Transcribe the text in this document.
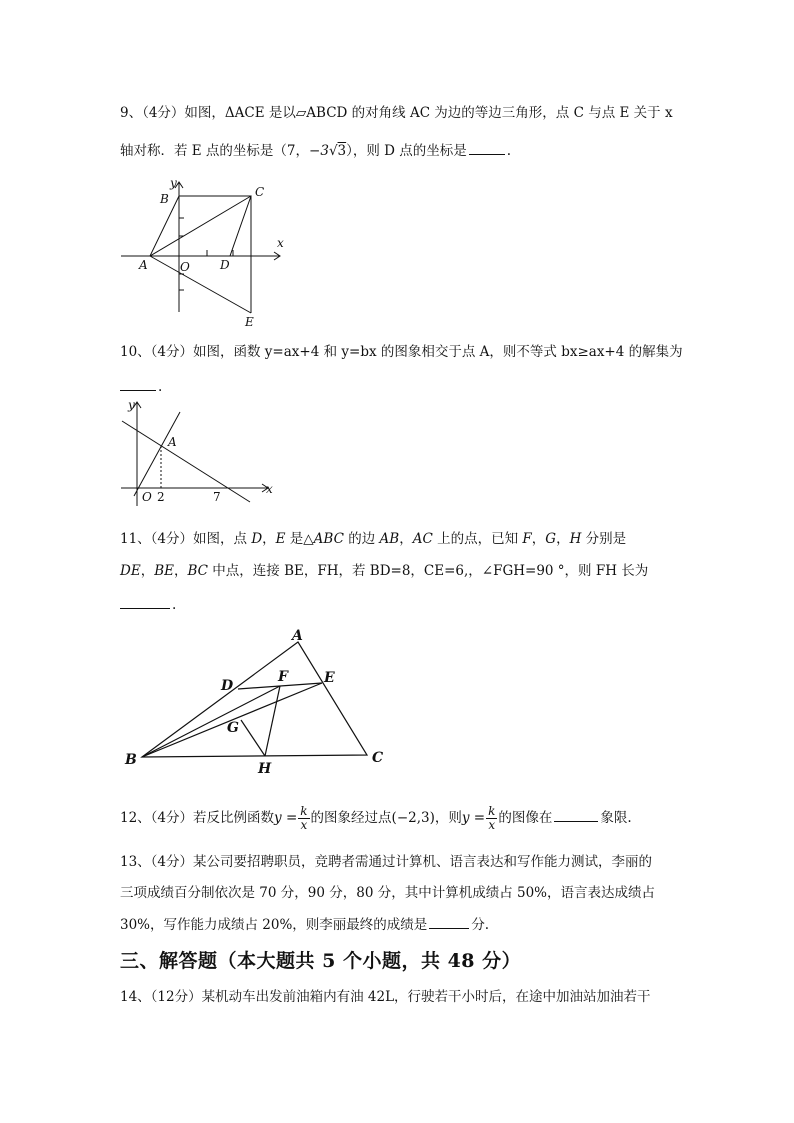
9、（4分）如图，ΔACE 是以▱ABCD 的对角线 AC 为边的等边三角形，点 C 与点 E 关于 x
轴对称．若 E 点的坐标是（7，−3√3），则 D 点的坐标是	.
y
B	C
x
A	O	D
E
10、（4分）如图，函数 y=ax+4 和 y=bx 的图象相交于点 A，则不等式 bx≥ax+4 的解集为
.
y
A
O 2	7
x
11、（4分）如图，点 D，E 是△ABC 的边 AB，AC 上的点，已知 F，G，H 分别是
DE，BE，BC 中点，连接 BE，FH，若 BD=8，CE=6,，∠FGH=90 °，则 FH 长为
.
A
D
F	E
G
B
H
C
12、（4分）若反比例函数$y = \frac{k}{x}$ 的图象经过点(−2,3)，则$y = \frac{k}{x}$ 的图像在	象限.
13、（4分）某公司要招聘职员，竞聘者需通过计算机、语言表达和写作能力测试，李丽的
三项成绩百分制依次是 70 分，90 分，80 分，其中计算机成绩占 50%，语言表达成绩占
30%，写作能力成绩占 20%，则李丽最终的成绩是	分.
三、解答题（本大题共 5 个小题，共 48 分）
14、（12分）某机动车出发前油箱内有油 42L，行驶若干小时后，在途中加油站加油若干
